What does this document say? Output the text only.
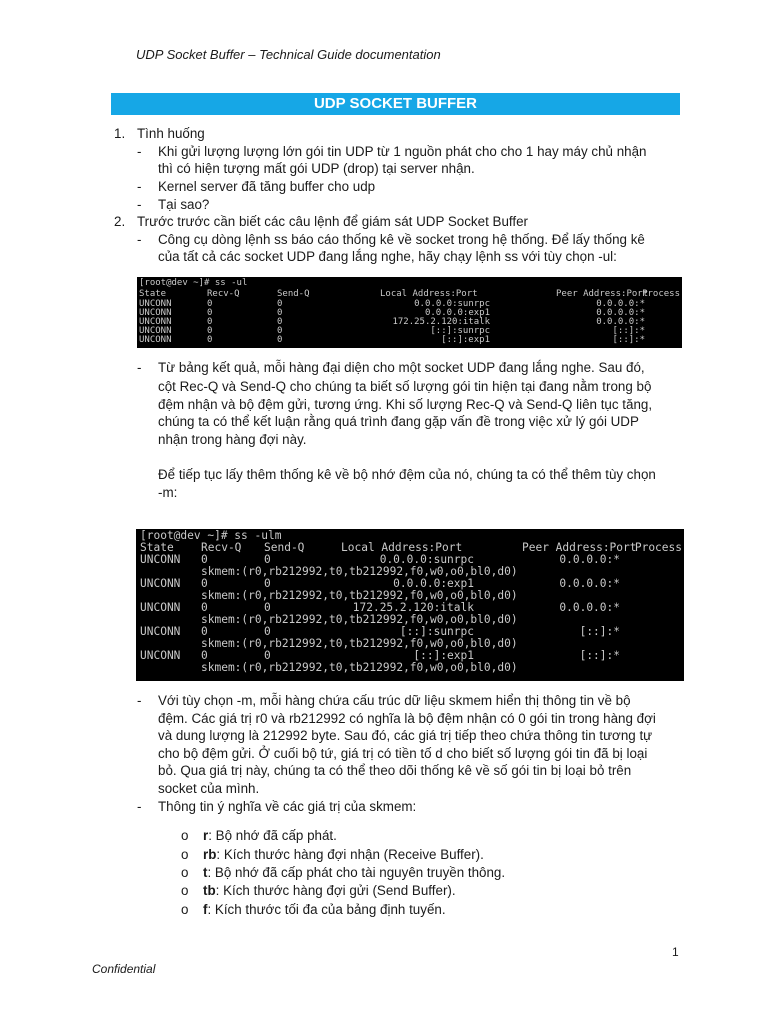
UDP Socket Buffer – Technical Guide documentation
UDP SOCKET BUFFER
1. Tình huống
- Khi gửi lượng lượng lớn gói tin UDP từ 1 nguồn phát cho cho 1 hay máy chủ nhận
thì có hiện tượng mất gói UDP (drop) tại server nhận.
- Kernel server đã tăng buffer cho udp
- Tại sao?
2. Trước trước cần biết các câu lệnh để giám sát UDP Socket Buffer
- Công cụ dòng lệnh ss báo cáo thống kê về socket trong hệ thống. Để lấy thống kê
của tất cả các socket UDP đang lắng nghe, hãy chạy lệnh ss với tùy chọn -ul:
[root@dev ~]# ss -ul
State	Recv-Q	Send-Q	Local Address:Port	Peer Address:Port
Process
UNCONN	0	0	0.0.0.0:sunrpc	0.0.0.0:*
UNCONN	0	0	0.0.0.0:exp1	0.0.0.0:*
UNCONN	0	0	172.25.2.120:italk	0.0.0.0:*
UNCONN	0	0	[::]:sunrpc	[::]:*
UNCONN	0	0	[::]:exp1	[::]:*
- Từ bảng kết quả, mỗi hàng đại diện cho một socket UDP đang lắng nghe. Sau đó,
cột Rec-Q và Send-Q cho chúng ta biết số lượng gói tin hiện tại đang nằm trong bộ
đệm nhận và bộ đệm gửi, tương ứng. Khi số lượng Rec-Q và Send-Q liên tục tăng,
chúng ta có thể kết luận rằng quá trình đang gặp vấn đề trong việc xử lý gói UDP
nhận trong hàng đợi này.
Để tiếp tục lấy thêm thống kê về bộ nhớ đệm của nó, chúng ta có thể thêm tùy chọn
-m:
[root@dev ~]# ss -ulm
State Recv-Q Send-Q	Local Address:Port	Peer Address:Port
Process
UNCONN 0	0	0.0.0.0:sunrpc	0.0.0.0:*
skmem:(r0,rb212992,t0,tb212992,f0,w0,o0,bl0,d0)
UNCONN 0	0	0.0.0.0:exp1	0.0.0.0:*
skmem:(r0,rb212992,t0,tb212992,f0,w0,o0,bl0,d0)
UNCONN 0	0	172.25.2.120:italk	0.0.0.0:*
skmem:(r0,rb212992,t0,tb212992,f0,w0,o0,bl0,d0)
UNCONN 0	0	[::]:sunrpc	[::]:*
skmem:(r0,rb212992,t0,tb212992,f0,w0,o0,bl0,d0)
UNCONN 0	0	[::]:exp1	[::]:*
skmem:(r0,rb212992,t0,tb212992,f0,w0,o0,bl0,d0)
- Với tùy chọn -m, mỗi hàng chứa cấu trúc dữ liệu skmem hiển thị thông tin về bộ
đệm. Các giá trị r0 và rb212992 có nghĩa là bộ đệm nhận có 0 gói tin trong hàng đợi
và dung lượng là 212992 byte. Sau đó, các giá trị tiếp theo chứa thông tin tương tự
cho bộ đệm gửi. Ở cuối bộ tứ, giá trị có tiền tố d cho biết số lượng gói tin đã bị loại
bỏ. Qua giá trị này, chúng ta có thể theo dõi thống kê về số gói tin bị loại bỏ trên
socket của mình.
- Thông tin ý nghĩa về các giá trị của skmem:
o r: Bộ nhớ đã cấp phát.
o rb: Kích thước hàng đợi nhận (Receive Buffer).
o t: Bộ nhớ đã cấp phát cho tài nguyên truyền thông.
o tb: Kích thước hàng đợi gửi (Send Buffer).
o f: Kích thước tối đa của bảng định tuyến.
1
Confidential
